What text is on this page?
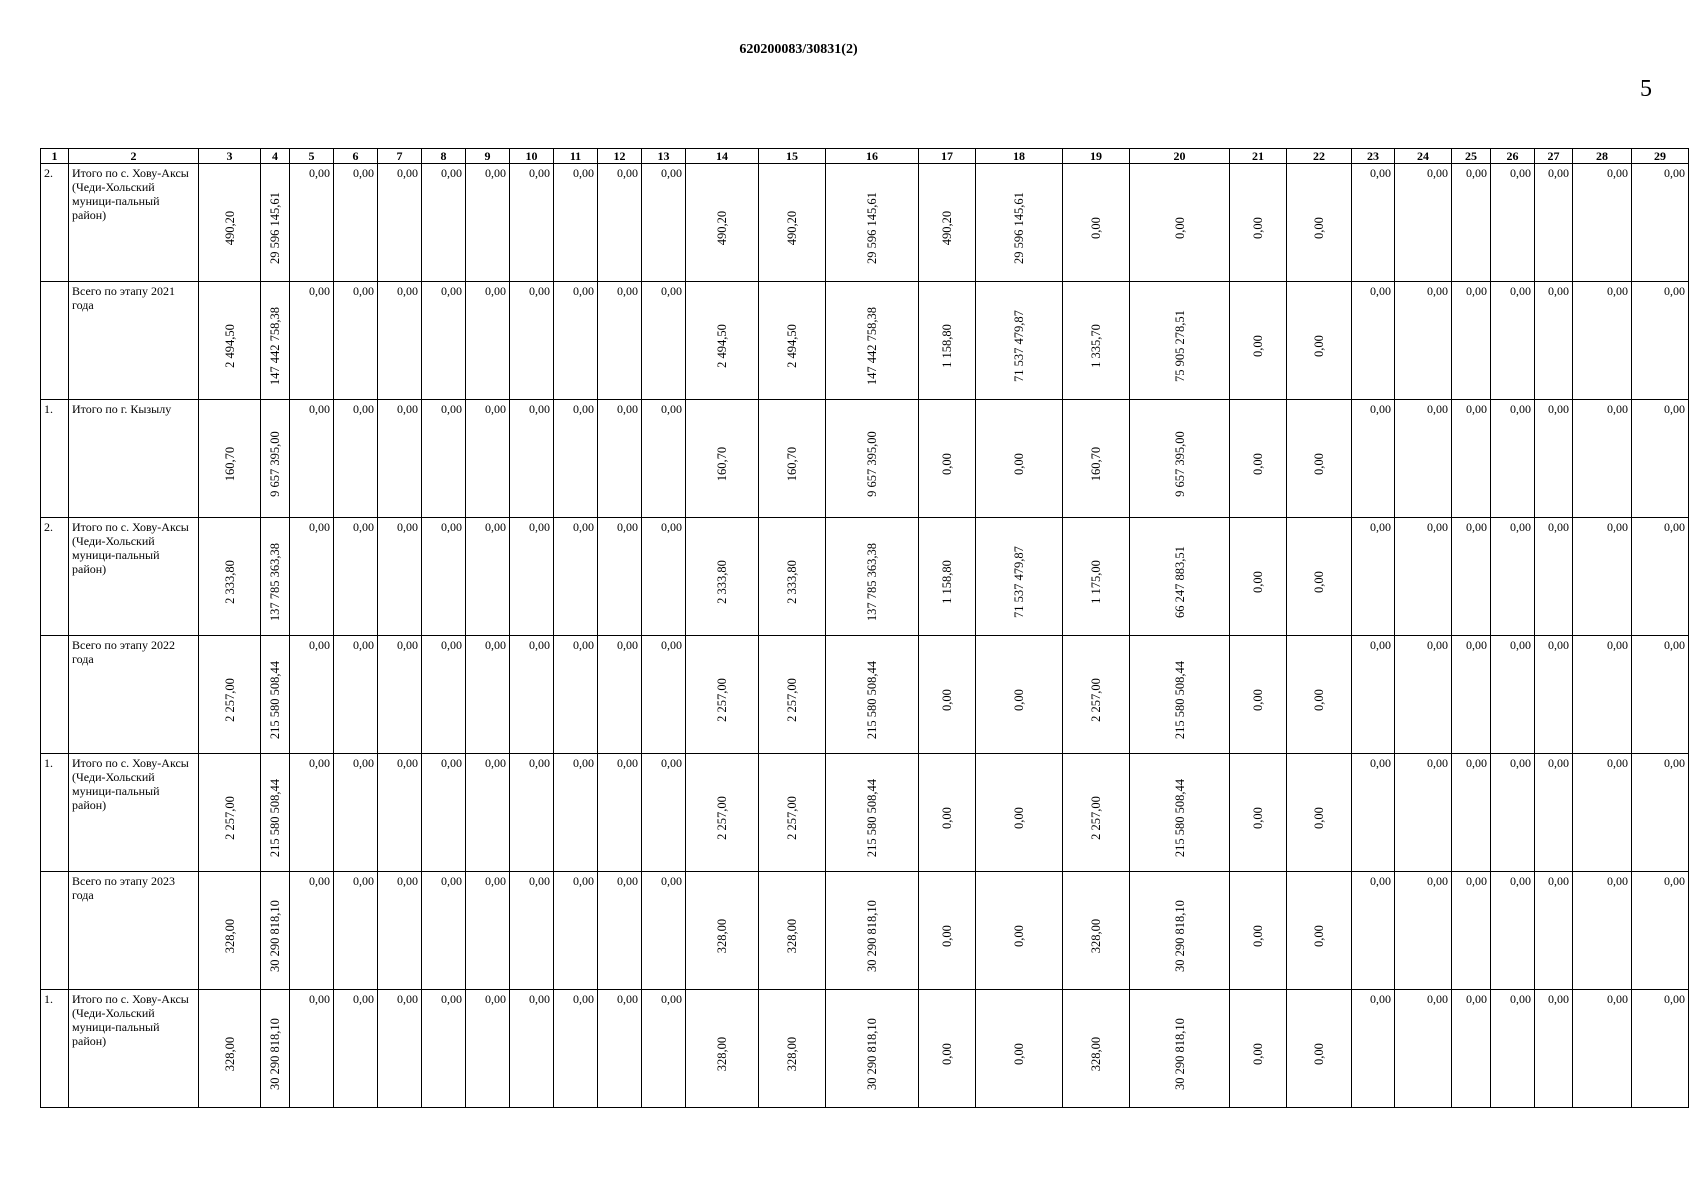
620200083/30831(2)
5
1	2	3	4	5	6	7	8	9	10	11	12	13	14	15	16	17	18	19	20	21	22	23	24	25	26	27	28	29
2.	Итого по с. Хову-Аксы (Чеди-Хольский муници-пальный район)	490,20	29 596 145,61	0,00	0,00	0,00	0,00	0,00	0,00	0,00	0,00	0,00	490,20	490,20	29 596 145,61	490,20	29 596 145,61	0,00	0,00	0,00	0,00	0,00	0,00	0,00	0,00	0,00	0,00	0,00
	Всего по этапу 2021 года	2 494,50	147 442 758,38	0,00	0,00	0,00	0,00	0,00	0,00	0,00	0,00	0,00	2 494,50	2 494,50	147 442 758,38	1 158,80	71 537 479,87	1 335,70	75 905 278,51	0,00	0,00	0,00	0,00	0,00	0,00	0,00	0,00	0,00
1.	Итого по г. Кызылу	160,70	9 657 395,00	0,00	0,00	0,00	0,00	0,00	0,00	0,00	0,00	0,00	160,70	160,70	9 657 395,00	0,00	0,00	160,70	9 657 395,00	0,00	0,00	0,00	0,00	0,00	0,00	0,00	0,00	0,00
2.	Итого по с. Хову-Аксы (Чеди-Хольский муници-пальный район)	2 333,80	137 785 363,38	0,00	0,00	0,00	0,00	0,00	0,00	0,00	0,00	0,00	2 333,80	2 333,80	137 785 363,38	1 158,80	71 537 479,87	1 175,00	66 247 883,51	0,00	0,00	0,00	0,00	0,00	0,00	0,00	0,00	0,00
	Всего по этапу 2022 года	2 257,00	215 580 508,44	0,00	0,00	0,00	0,00	0,00	0,00	0,00	0,00	0,00	2 257,00	2 257,00	215 580 508,44	0,00	0,00	2 257,00	215 580 508,44	0,00	0,00	0,00	0,00	0,00	0,00	0,00	0,00	0,00
1.	Итого по с. Хову-Аксы (Чеди-Хольский муници-пальный район)	2 257,00	215 580 508,44	0,00	0,00	0,00	0,00	0,00	0,00	0,00	0,00	0,00	2 257,00	2 257,00	215 580 508,44	0,00	0,00	2 257,00	215 580 508,44	0,00	0,00	0,00	0,00	0,00	0,00	0,00	0,00	0,00
	Всего по этапу 2023 года	328,00	30 290 818,10	0,00	0,00	0,00	0,00	0,00	0,00	0,00	0,00	0,00	328,00	328,00	30 290 818,10	0,00	0,00	328,00	30 290 818,10	0,00	0,00	0,00	0,00	0,00	0,00	0,00	0,00	0,00
1.	Итого по с. Хову-Аксы (Чеди-Хольский муници-пальный район)	328,00	30 290 818,10	0,00	0,00	0,00	0,00	0,00	0,00	0,00	0,00	0,00	328,00	328,00	30 290 818,10	0,00	0,00	328,00	30 290 818,10	0,00	0,00	0,00	0,00	0,00	0,00	0,00	0,00	0,00
